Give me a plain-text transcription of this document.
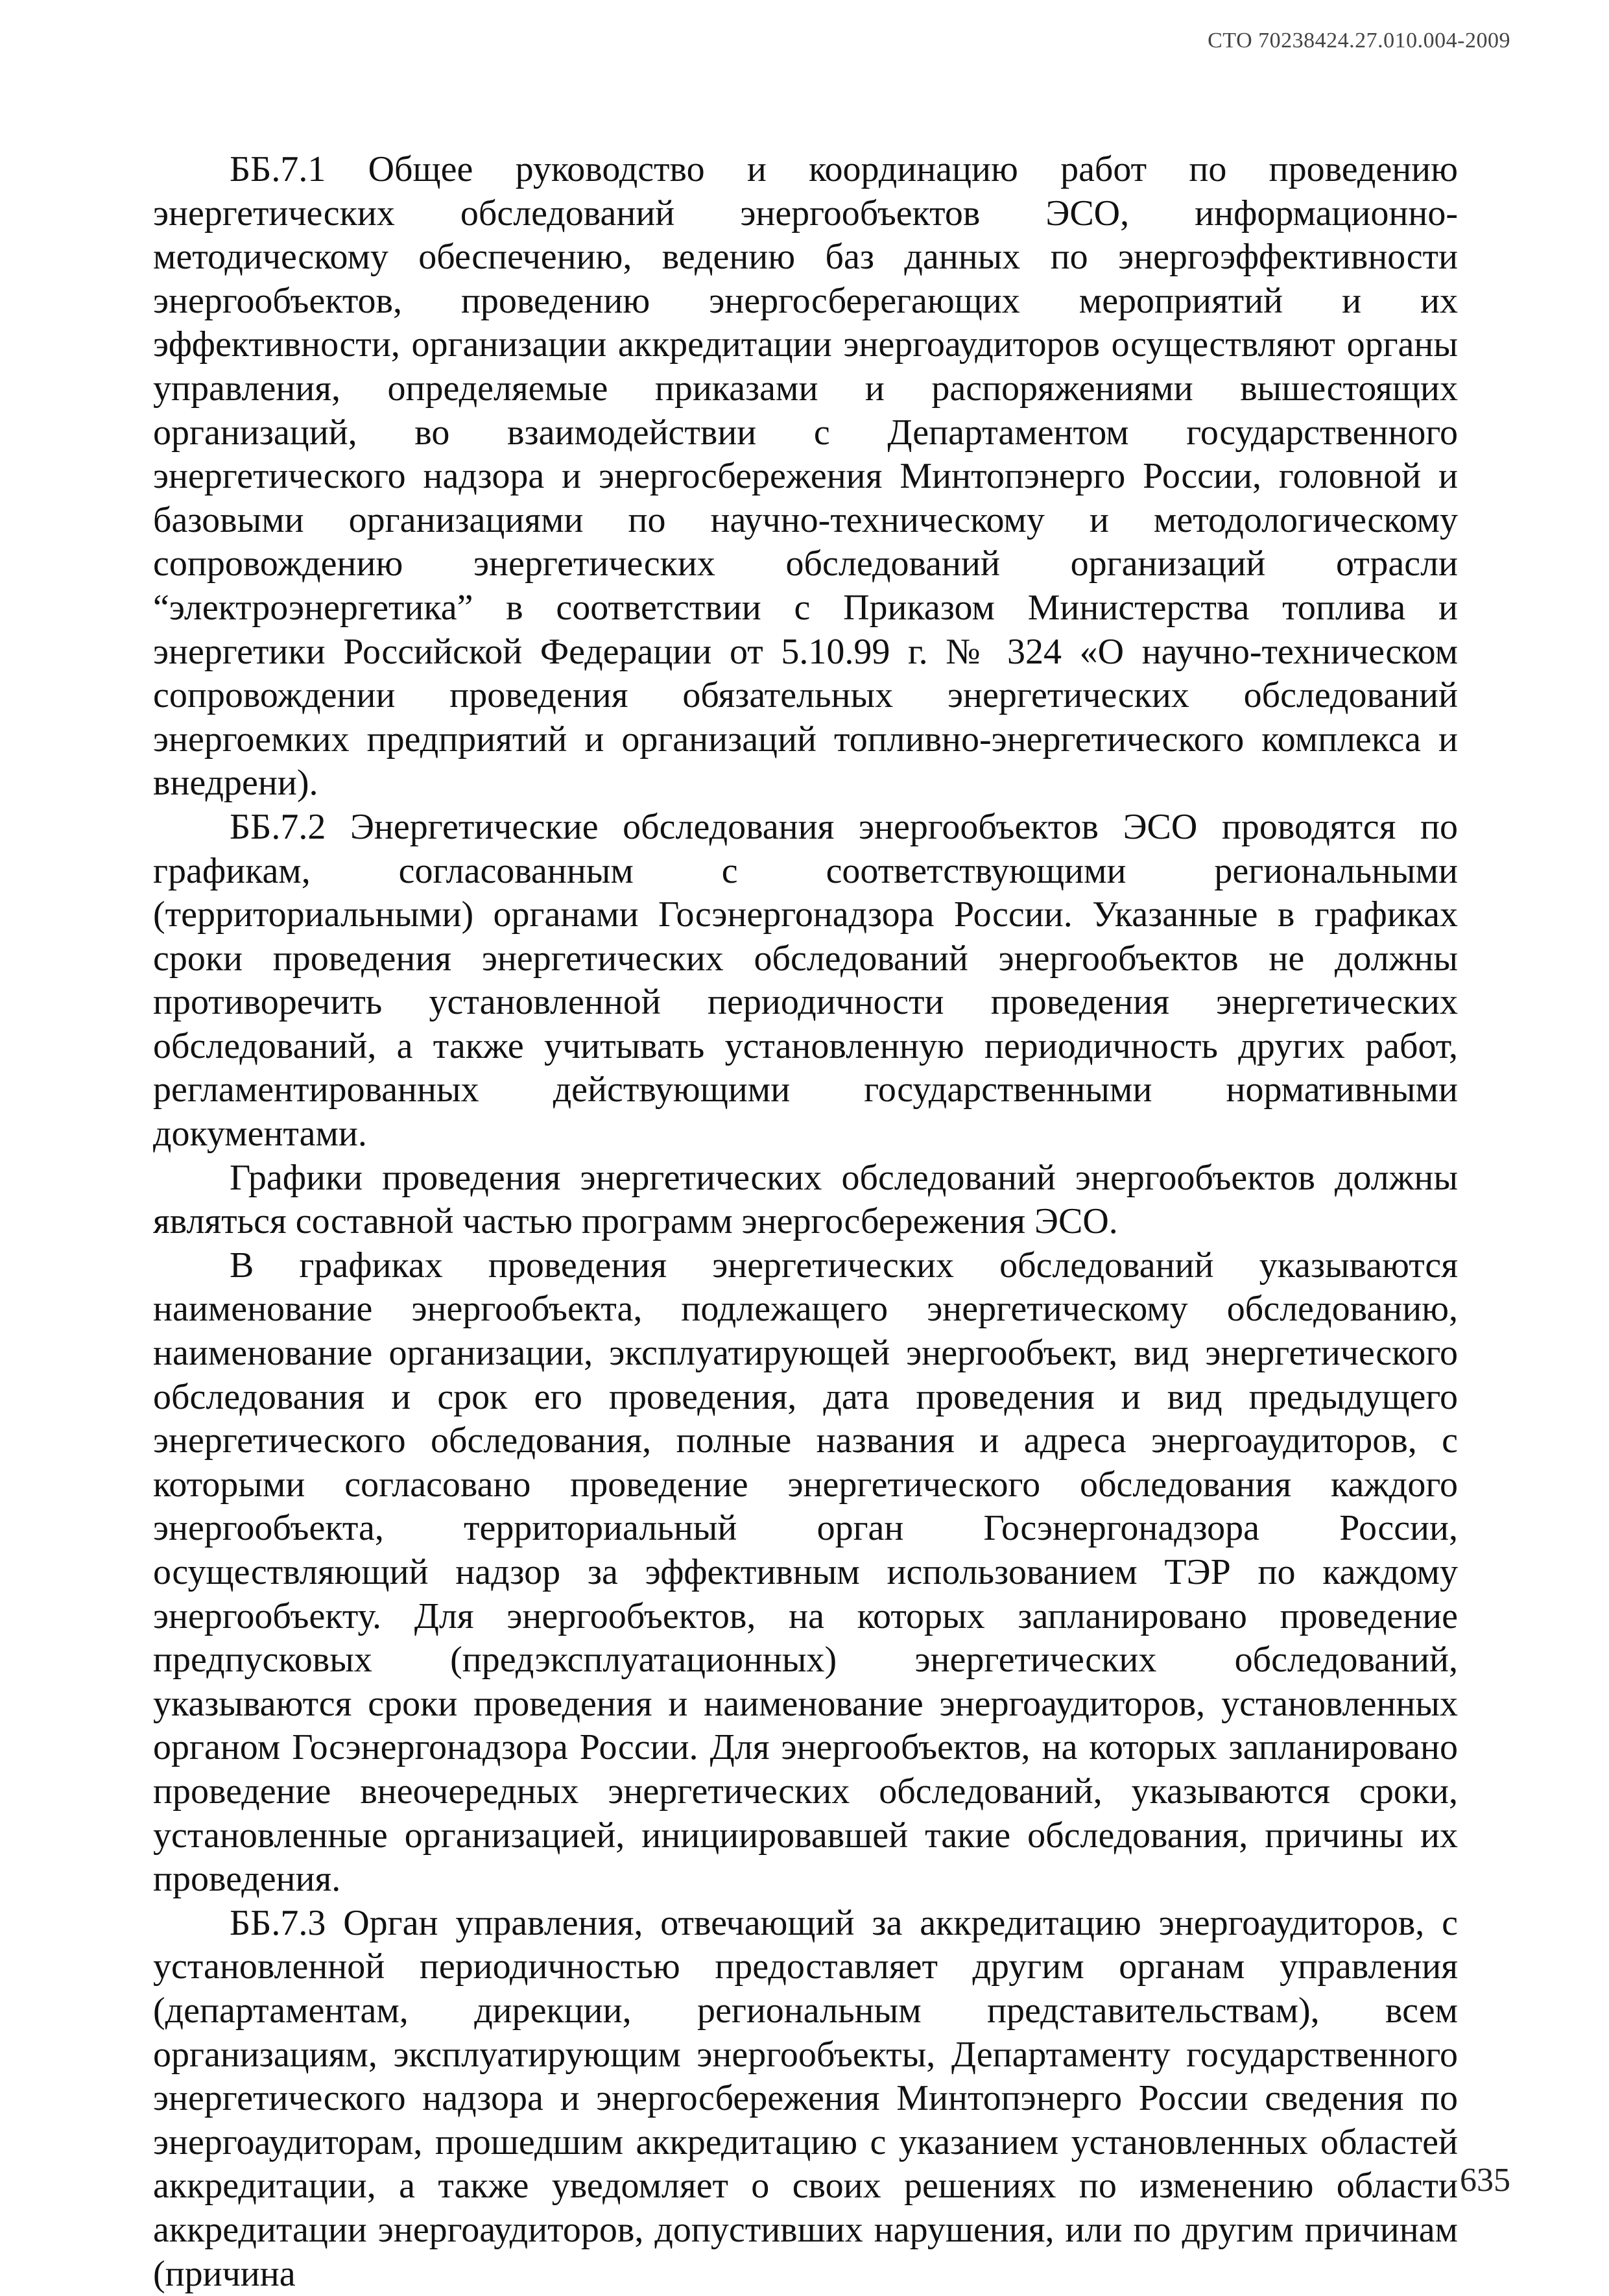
СТО 70238424.27.010.004-2009

ББ.7.1 Общее руководство и координацию работ по проведению энергетических обследований энергообъектов ЭСО, информационно-методическому обеспечению, ведению баз данных по энергоэффективности энергообъектов, проведению энергосберегающих мероприятий и их эффективности, организации аккредитации энергоаудиторов осуществляют органы управления, определяемые приказами и распоряжениями вышестоящих организаций, во взаимодействии с Департаментом государственного энергетического надзора и энергосбережения Минтопэнерго России, головной и базовыми организациями по научно-техническому и методологическому сопровождению энергетических обследований организаций отрасли “электроэнергетика” в соответствии с Приказом Министерства топлива и энергетики Российской Федерации от 5.10.99 г. № 324 «О научно-техническом сопровождении проведения обязательных энергетических обследований энергоемких предприятий и организаций топливно-энергетического комплекса и внедрени).

ББ.7.2 Энергетические обследования энергообъектов ЭСО проводятся по графикам, согласованным с соответствующими региональными (территориальными) органами Госэнергонадзора России. Указанные в графиках сроки проведения энергетических обследований энергообъектов не должны противоречить установленной периодичности проведения энергетических обследований, а также учитывать установленную периодичность других работ, регламентированных действующими государственными нормативными документами.

Графики проведения энергетических обследований энергообъектов должны являться составной частью программ энергосбережения ЭСО.

В графиках проведения энергетических обследований указываются наименование энергообъекта, подлежащего энергетическому обследованию, наименование организации, эксплуатирующей энергообъект, вид энергетического обследования и срок его проведения, дата проведения и вид предыдущего энергетического обследования, полные названия и адреса энергоаудиторов, с которыми согласовано проведение энергетического обследования каждого энергообъекта, территориальный орган Госэнергонадзора России, осуществляющий надзор за эффективным использованием ТЭР по каждому энергообъекту. Для энергообъектов, на которых запланировано проведение предпусковых (предэксплуатационных) энергетических обследований, указываются сроки проведения и наименование энергоаудиторов, установленных органом Госэнергонадзора России. Для энергообъектов, на которых запланировано проведение внеочередных энергетических обследований, указываются сроки, установленные организацией, инициировавшей такие обследования, причины их проведения.

ББ.7.3 Орган управления, отвечающий за аккредитацию энергоаудиторов, с установленной периодичностью предоставляет другим органам управления (департаментам, дирекции, региональным представительствам), всем организациям, эксплуатирующим энергообъекты, Департаменту государственного энергетического надзора и энергосбережения Минтопэнерго России сведения по энергоаудиторам, прошедшим аккредитацию с указанием установленных областей аккредитации, а также уведомляет о своих решениях по изменению области аккредитации энергоаудиторов, допустивших нарушения, или по другим причинам (причина

635
